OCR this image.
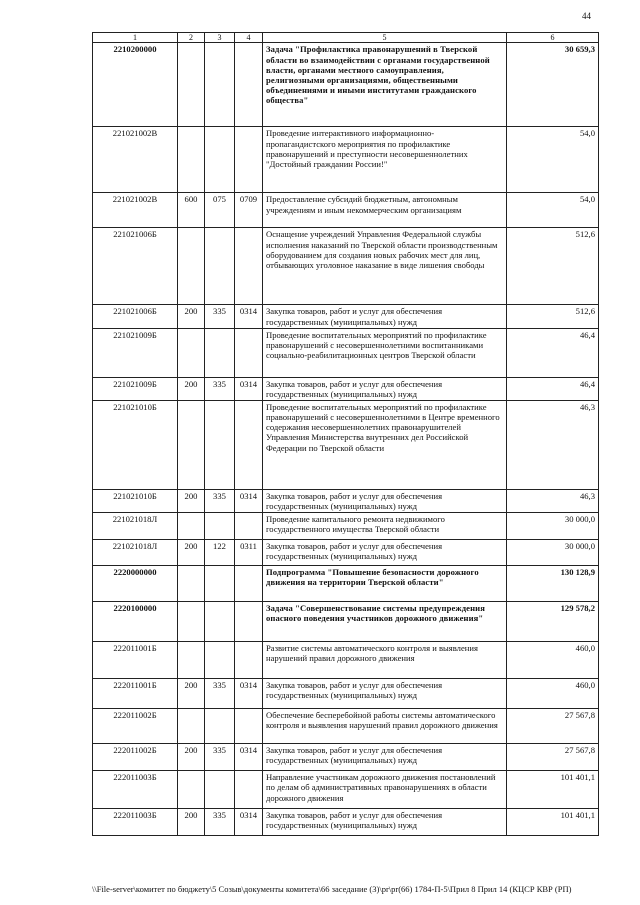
44
1	2	3	4	5	6
2210200000				Задача "Профилактика правонарушений в Тверской области во взаимодействии с органами государственной власти, органами местного самоуправления, религиозными организациями, общественными объединениями и иными институтами гражданского общества"	30 659,3
221021002В				Проведение интерактивного информационно-пропагандистского мероприятия по профилактике правонарушений и преступности несовершеннолетних "Достойный гражданин России!"	54,0
221021002В	600	075	0709	Предоставление субсидий бюджетным, автономным учреждениям и иным некоммерческим организациям	54,0
221021006Б				Оснащение учреждений Управления Федеральной службы исполнения наказаний по Тверской области производственным оборудованием для создания новых рабочих мест для лиц, отбывающих уголовное наказание в виде лишения свободы	512,6
221021006Б	200	335	0314	Закупка товаров, работ и услуг для обеспечения государственных (муниципальных) нужд	512,6
221021009Б				Проведение воспитательных мероприятий по профилактике правонарушений с несовершеннолетними воспитанниками социально-реабилитационных центров Тверской области	46,4
221021009Б	200	335	0314	Закупка товаров, работ и услуг для обеспечения государственных (муниципальных) нужд	46,4
221021010Б				Проведение воспитательных мероприятий по профилактике правонарушений с несовершеннолетними в Центре временного содержания несовершеннолетних правонарушителей Управления Министерства внутренних дел Российской Федерации по Тверской области	46,3
221021010Б	200	335	0314	Закупка товаров, работ и услуг для обеспечения государственных (муниципальных) нужд	46,3
221021018Л				Проведение капитального ремонта недвижимого государственного имущества Тверской области	30 000,0
221021018Л	200	122	0311	Закупка товаров, работ и услуг для обеспечения государственных (муниципальных) нужд	30 000,0
2220000000				Подпрограмма "Повышение безопасности дорожного движения на территории Тверской области"	130 128,9
2220100000				Задача "Совершенствование системы предупреждения опасного поведения участников дорожного движения"	129 578,2
222011001Б				Развитие системы автоматического контроля и выявления нарушений правил дорожного движения	460,0
222011001Б	200	335	0314	Закупка товаров, работ и услуг для обеспечения государственных (муниципальных) нужд	460,0
222011002Б				Обеспечение бесперебойной работы системы автоматического контроля и выявления нарушений правил дорожного движения	27 567,8
222011002Б	200	335	0314	Закупка товаров, работ и услуг для обеспечения государственных (муниципальных) нужд	27 567,8
222011003Б				Направление участникам дорожного движения постановлений по делам об административных правонарушениях в области дорожного движения	101 401,1
222011003Б	200	335	0314	Закупка товаров, работ и услуг для обеспечения государственных (муниципальных) нужд	101 401,1
\\File-server\комитет по бюджету\5 Созыв\документы комитета\66 заседание (3)\pr\pr(66) 1784-П-5\Прил 8 Прил 14 (КЦСР КВР (РП)
